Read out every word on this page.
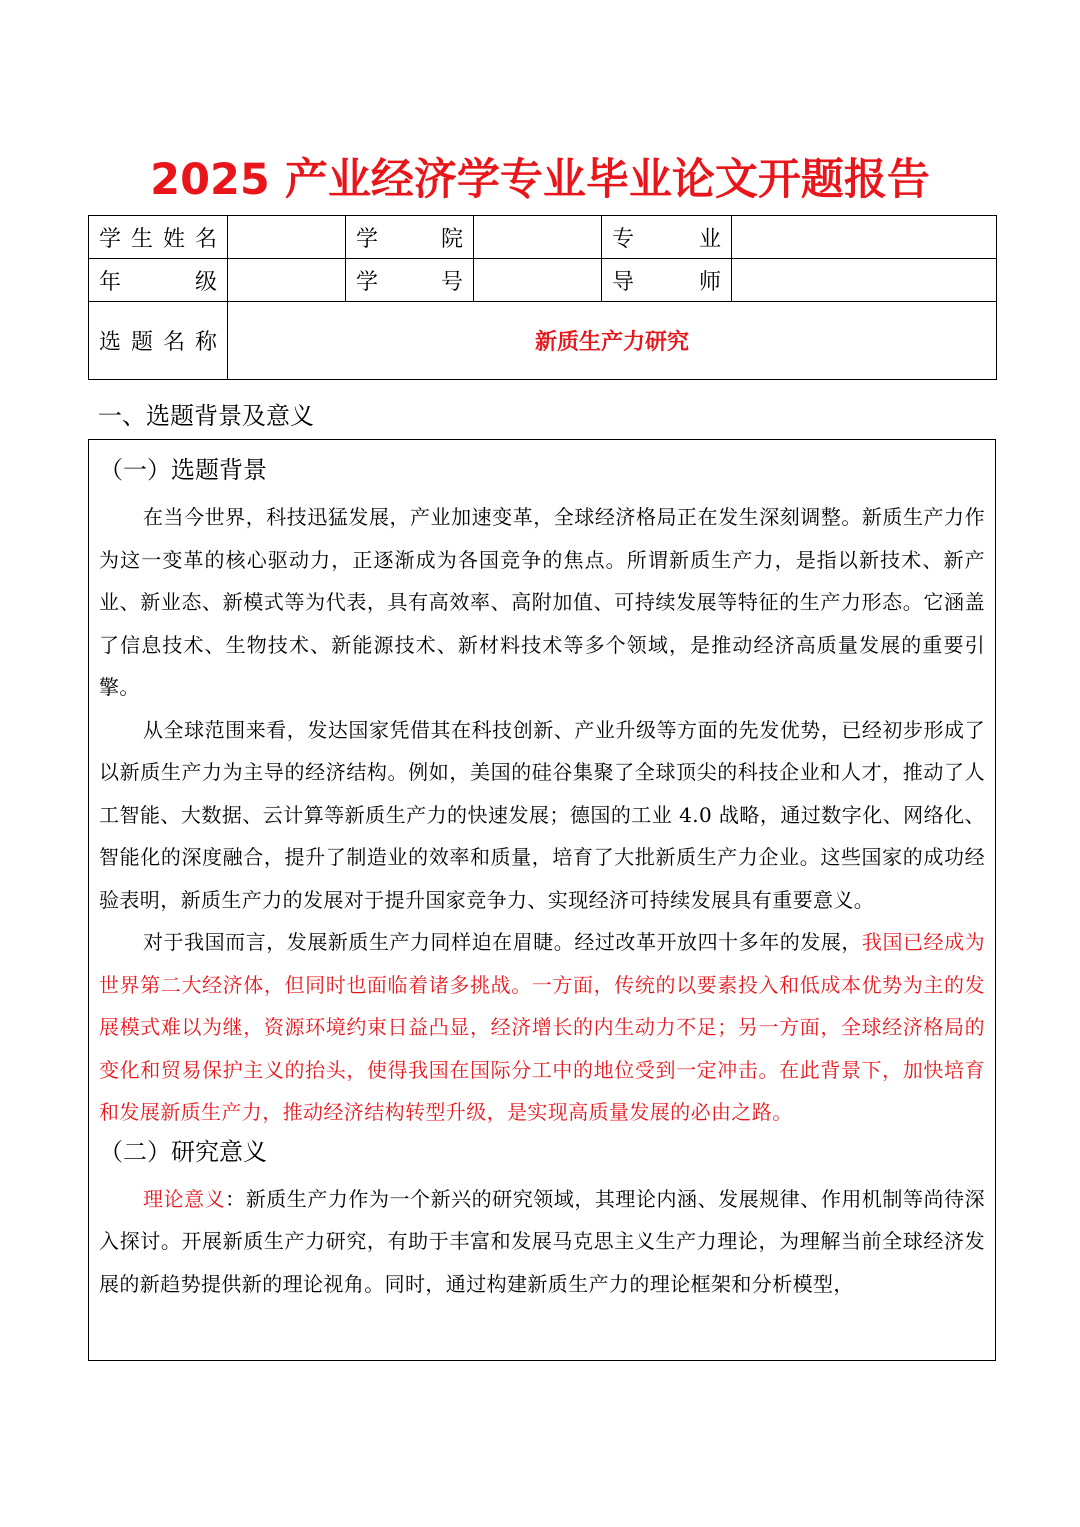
2025 产业经济学专业毕业论文开题报告
学 生 姓 名		学 院		专 业	

年 级		学 号		导 师	

选 题 名 称	新质生产力研究				
一、选题背景及意义
（一）选题背景

在当今世界，科技迅猛发展，产业加速变革，全球经济格局正在发生深刻调整。新质生产力作为这一变革的核心驱动力，正逐渐成为各国竞争的焦点。所谓新质生产力，是指以新技术、新产业、新业态、新模式等为代表，具有高效率、高附加值、可持续发展等特征的生产力形态。它涵盖了信息技术、生物技术、新能源技术、新材料技术等多个领域，是推动经济高质量发展的重要引擎。

从全球范围来看，发达国家凭借其在科技创新、产业升级等方面的先发优势，已经初步形成了以新质生产力为主导的经济结构。例如，美国的硅谷集聚了全球顶尖的科技企业和人才，推动了人工智能、大数据、云计算等新质生产力的快速发展；德国的工业 4.0 战略，通过数字化、网络化、智能化的深度融合，提升了制造业的效率和质量，培育了大批新质生产力企业。这些国家的成功经验表明，新质生产力的发展对于提升国家竞争力、实现经济可持续发展具有重要意义。

对于我国而言，发展新质生产力同样迫在眉睫。经过改革开放四十多年的发展，我国已经成为世界第二大经济体，但同时也面临着诸多挑战。一方面，传统的以要素投入和低成本优势为主的发展模式难以为继，资源环境约束日益凸显，经济增长的内生动力不足；另一方面，全球经济格局的变化和贸易保护主义的抬头，使得我国在国际分工中的地位受到一定冲击。在此背景下，加快培育和发展新质生产力，推动经济结构转型升级，是实现高质量发展的必由之路。

（二）研究意义

理论意义：新质生产力作为一个新兴的研究领域，其理论内涵、发展规律、作用机制等尚待深入探讨。开展新质生产力研究，有助于丰富和发展马克思主义生产力理论，为理解当前全球经济发展的新趋势提供新的理论视角。同时，通过构建新质生产力的理论框架和分析模型，
